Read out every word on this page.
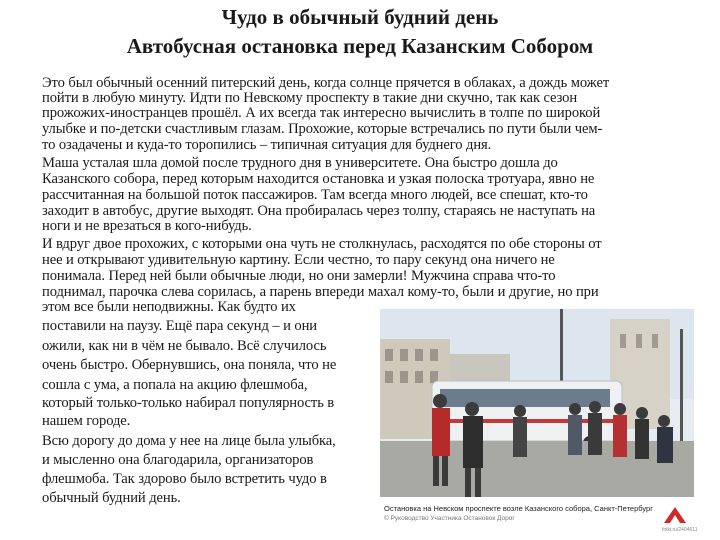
Чудо в обычный будний день
Автобусная остановка перед Казанским Собором
Это был обычный осенний питерский день, когда солнце прячется в облаках, а дождь может
пойти в любую минуту. Идти по Невскому проспекту в такие дни скучно, так как сезон
прожожих-иностранцев прошёл. А их всегда так интересно вычислить в толпе по широкой
улыбке и по-детски счастливым глазам. Прохожие, которые встречались по пути были чем-
то озадачены и куда-то торопились – типичная ситуация для буднего дня.
Маша усталая шла домой после трудного дня в университете. Она быстро дошла до
Казанского собора, перед которым находится остановка и узкая полоска тротуара, явно не
рассчитанная на большой поток пассажиров. Там всегда много людей, все спешат, кто-то
заходит в автобус, другие выходят. Она пробиралась через толпу, стараясь не наступать на
ноги и не врезаться в кого-нибудь.
И вдруг двое прохожих, с которыми она чуть не столкнулась, расходятся по обе стороны от
нее и открывают удивительную картину. Если честно, то пару секунд она ничего не
понимала. Перед ней были обычные люди, но они замерли! Мужчина справа что-то
поднимал, парочка слева сорилась, а парень впереди махал кому-то, были и другие, но при
этом все были неподвижны. Как будто их
поставили на паузу. Ещё пара секунд – и они
ожили, как ни в чём не бывало. Всё случилось
очень быстро. Обернувшись, она поняла, что не
сошла с ума, а попала на акцию флешмоба,
который только-только набирал популярность в
нашем городе.
Всю дорогу до дома у нее на лице была улыбка,
и мысленно она благодарила, организаторов
флешмоба. Так здорово было встретить чудо в
обычный будний день.
Остановка на Невском проспекте возле Казанского собора, Санкт-Петербург
© Руководство Участника Остановок Дорог
fotki.ru/2404611
